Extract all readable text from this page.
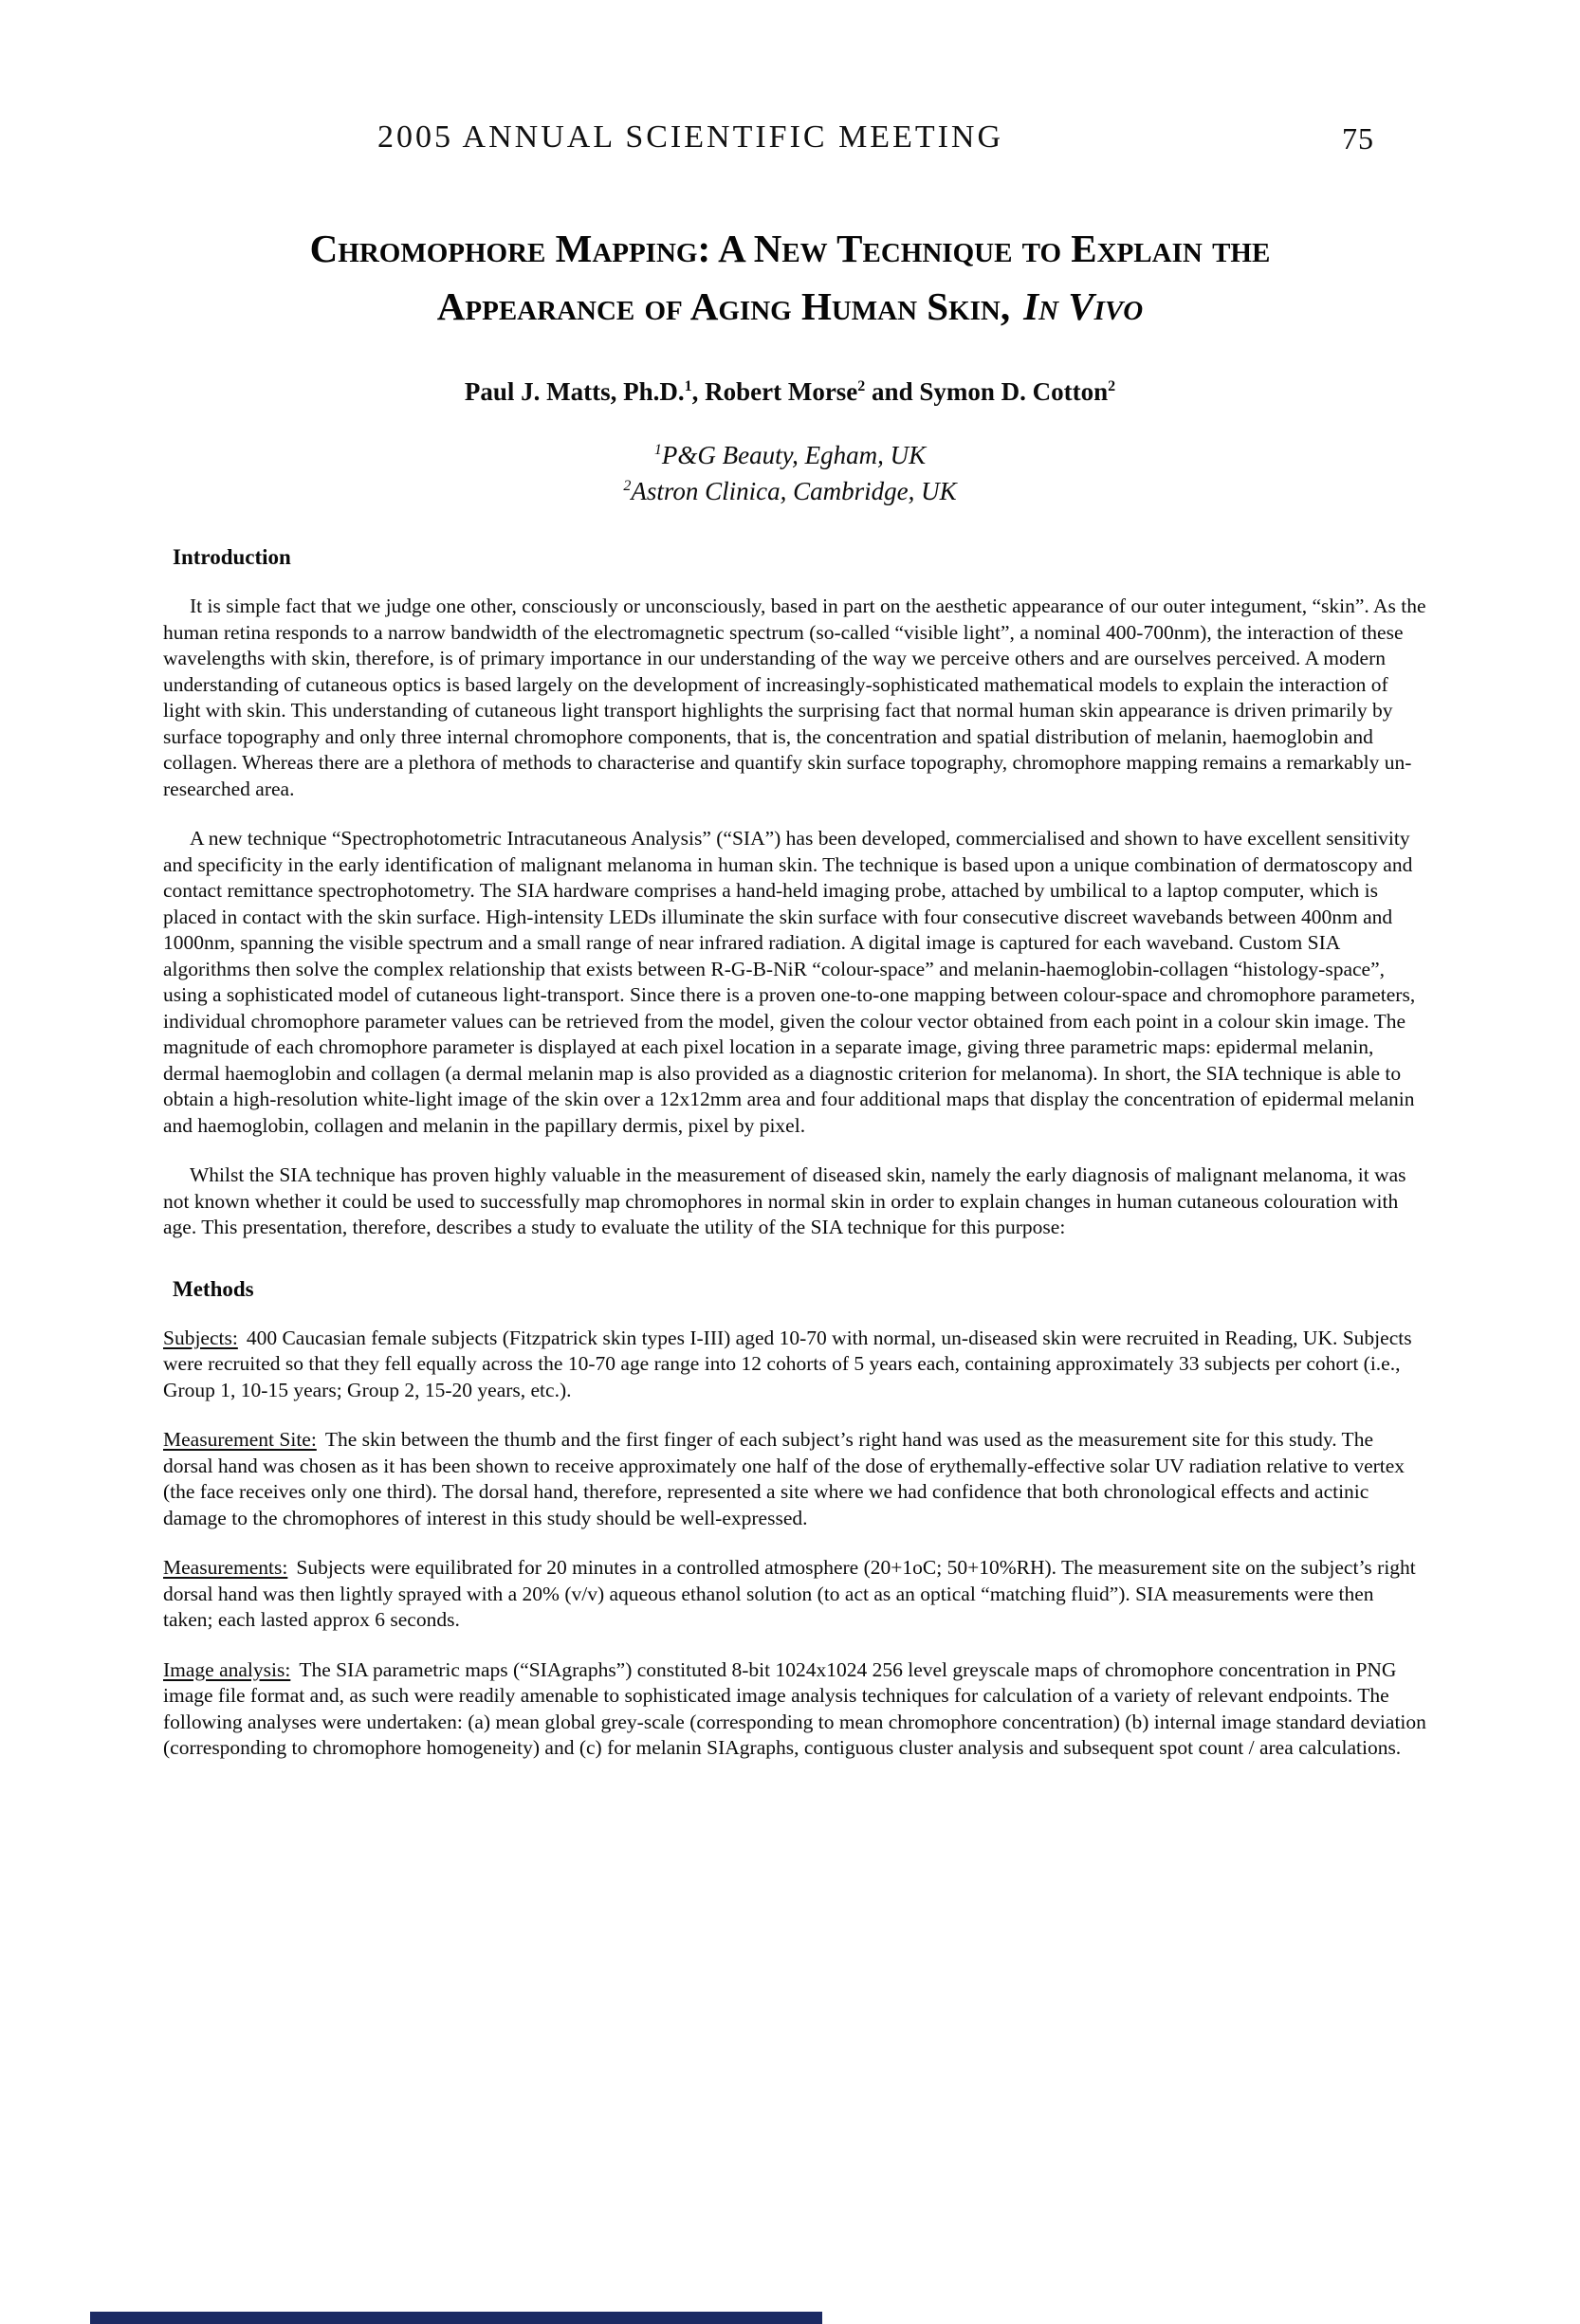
2005 ANNUAL SCIENTIFIC MEETING	75
Chromophore Mapping: A New Technique to Explain the
Appearance of Aging Human Skin, In Vivo
Paul J. Matts, Ph.D.$^1$, Robert Morse$^2$ and Symon D. Cotton$^2$
$^1$P&G Beauty, Egham, UK
$^2$Astron Clinica, Cambridge, UK
Introduction

It is simple fact that we judge one other, consciously or unconsciously, based in part on the aesthetic appearance of our outer integument, “skin”. As the human retina responds to a narrow bandwidth of the electromagnetic spectrum (so-called “visible light”, a nominal 400-700nm), the interaction of these wavelengths with skin, therefore, is of primary importance in our understanding of the way we perceive others and are ourselves perceived. A modern understanding of cutaneous optics is based largely on the development of increasingly-sophisticated mathematical models to explain the interaction of light with skin. This understanding of cutaneous light transport highlights the surprising fact that normal human skin appearance is driven primarily by surface topography and only three internal chromophore components, that is, the concentration and spatial distribution of melanin, haemoglobin and collagen. Whereas there are a plethora of methods to characterise and quantify skin surface topography, chromophore mapping remains a remarkably un-researched area.

A new technique “Spectrophotometric Intracutaneous Analysis” (“SIA”) has been developed, commercialised and shown to have excellent sensitivity and specificity in the early identification of malignant melanoma in human skin. The technique is based upon a unique combination of dermatoscopy and contact remittance spectrophotometry. The SIA hardware comprises a hand-held imaging probe, attached by umbilical to a laptop computer, which is placed in contact with the skin surface. High-intensity LEDs illuminate the skin surface with four consecutive discreet wavebands between 400nm and 1000nm, spanning the visible spectrum and a small range of near infrared radiation. A digital image is captured for each waveband. Custom SIA algorithms then solve the complex relationship that exists between R-G-B-NiR “colour-space” and melanin-haemoglobin-collagen “histology-space”, using a sophisticated model of cutaneous light-transport. Since there is a proven one-to-one mapping between colour-space and chromophore parameters, individual chromophore parameter values can be retrieved from the model, given the colour vector obtained from each point in a colour skin image. The magnitude of each chromophore parameter is displayed at each pixel location in a separate image, giving three parametric maps: epidermal melanin, dermal haemoglobin and collagen (a dermal melanin map is also provided as a diagnostic criterion for melanoma). In short, the SIA technique is able to obtain a high-resolution white-light image of the skin over a 12x12mm area and four additional maps that display the concentration of epidermal melanin and haemoglobin, collagen and melanin in the papillary dermis, pixel by pixel.

Whilst the SIA technique has proven highly valuable in the measurement of diseased skin, namely the early diagnosis of malignant melanoma, it was not known whether it could be used to successfully map chromophores in normal skin in order to explain changes in human cutaneous colouration with age. This presentation, therefore, describes a study to evaluate the utility of the SIA technique for this purpose:

Methods

Subjects: 400 Caucasian female subjects (Fitzpatrick skin types I-III) aged 10-70 with normal, un-diseased skin were recruited in Reading, UK. Subjects were recruited so that they fell equally across the 10-70 age range into 12 cohorts of 5 years each, containing approximately 33 subjects per cohort (i.e., Group 1, 10-15 years; Group 2, 15-20 years, etc.).

Measurement Site: The skin between the thumb and the first finger of each subject’s right hand was used as the measurement site for this study. The dorsal hand was chosen as it has been shown to receive approximately one half of the dose of erythemally-effective solar UV radiation relative to vertex (the face receives only one third). The dorsal hand, therefore, represented a site where we had confidence that both chronological effects and actinic damage to the chromophores of interest in this study should be well-expressed.

Measurements: Subjects were equilibrated for 20 minutes in a controlled atmosphere (20+1oC; 50+10%RH). The measurement site on the subject’s right dorsal hand was then lightly sprayed with a 20% (v/v) aqueous ethanol solution (to act as an optical “matching fluid”). SIA measurements were then taken; each lasted approx 6 seconds.

Image analysis: The SIA parametric maps (“SIAgraphs”) constituted 8-bit 1024x1024 256 level greyscale maps of chromophore concentration in PNG image file format and, as such were readily amenable to sophisticated image analysis techniques for calculation of a variety of relevant endpoints. The following analyses were undertaken: (a) mean global grey-scale (corresponding to mean chromophore concentration) (b) internal image standard deviation (corresponding to chromophore homogeneity) and (c) for melanin SIAgraphs, contiguous cluster analysis and subsequent spot count / area calculations.
